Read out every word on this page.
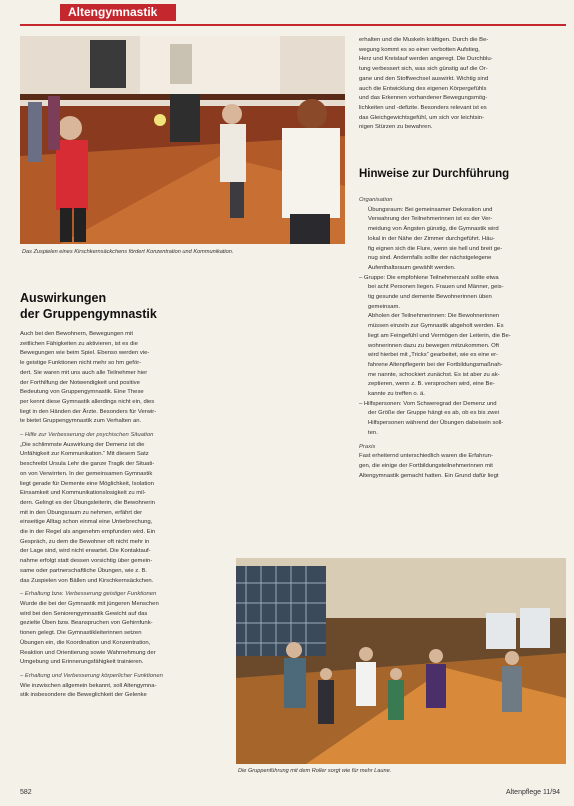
Altengymnastik
Das Zuspielen eines Kirschkernsäckchens fördert Konzentration und Kommunikation.
Auswirkungen
der Gruppengymnastik

Auch bei den Bewohnern, Bewegungen mit

zeitlichen Fähigkeiten zu aktivieren, ist es die

Bewegungen wie beim Spiel. Ebenso werden vie-

le geistige Funktionen nicht mehr so hm geför-

dert. Sie waren mit uns auch alle Teilnehmer hier

der Forthilfung der Notwendigkeit und positive

Bedeutung von Gruppengymnastik. Eine These

per kennt diese Gymnastik allerdings nicht ein, dies

liegt in den Händen der Ärzte. Besonders für Verwir-

te bietet Gruppengymnastik zum Verhalten an.

– Hilfe zur Verbesserung der psychischen Situation

„Die schlimmste Auswirkung der Demenz ist die

Unfähigkeit zur Kommunikation.“ Mit diesem Satz

beschreibt Ursula Lehr die ganze Tragik der Situati-

on von Verwirrten. In der gemeinsamen Gymnastik

liegt gerade für Demente eine Möglichkeit, Isolation

Einsamkeit und Kommunikationslosigkeit zu mil-

dern. Gelingt es der Übungsleiterin, die Bewohnerin

mit in den Übungsraum zu nehmen, erfährt der

einseitige Alltag schon einmal eine Unterbrechung,

die in der Regel als angenehm empfunden wird. Ein

Gespräch, zu dem die Bewohner oft nicht mehr in

der Lage sind, wird nicht erwartet. Die Kontaktauf-

nahme erfolgt statt dessen vorsichtig über gemein-

same oder partnerschaftliche Übungen, wie z. B.

das Zuspielen von Bällen und Kirschkernsäckchen.

– Erhaltung bzw. Verbesserung geistiger Funktionen

Wurde die bei der Gymnastik mit jüngeren Menschen

wird bei den Seniorengymnastik Gewicht auf das

gezielte Üben bzw. Beanspruchen von Gehirnfunk-

tionen gelegt. Die Gymnastikleiterinnen setzen

Übungen ein, die Koordination und Konzentration,

Reaktion und Orientierung sowie Wahrnehmung der

Umgebung und Erinnerungsfähigkeit trainieren.

– Erhaltung und Verbesserung körperlicher Funktionen

Wie inzwischen allgemein bekannt, soll Altengymna-

stik insbesondere die Beweglichkeit der Gelenke

erhalten und die Muskeln kräftigen. Durch die Be-

wegung kommt es so einer verbotten Aufstieg,

Herz und Kreislauf werden angeregt. Die Durchblu-

tung verbessert sich, was sich günstig auf die Or-

gane und den Stoffwechsel auswirkt. Wichtig sind

auch die Entwicklung des eigenen Körpergefühls

und das Erkennen vorhandener Bewegungsmög-

lichkeiten und -defizite. Besonders relevant ist es

das Gleichgewichtsgefühl, um sich vor leichtsin-

nigen Stürzen zu bewahren.

Hinweise zur Durchführung

Organisation

Übungsraum: Bei gemeinsamer Dekoration und

Verwahrung der Teilnehmerinnen ist es der Ver-

meidung von Ängsten günstig, die Gymnastik wird

lokal in der Nähe der Zimmer durchgeführt. Häu-

fig eignen sich die Flure, wenn sie hell und breit ge-

nug sind. Andernfalls sollte der nächstgelegene

Aufenthaltsraum gewählt werden.

– Gruppe: Die empfohlene Teilnehmerzahl sollte etwa

bei acht Personen liegen. Frauen und Männer, geis-

tig gesunde und demente Bewohnerinnen üben

gemeinsam.

Abholen der Teilnehmerinnen: Die Bewohnerinnen

müssen einzeln zur Gymnastik abgeholt werden. Es

liegt am Feingefühl und Vermögen der Leiterin, die Be-

wohnerinnen dazu zu bewegen mitzukommen. Oft

wird hierbei mit „Tricks“ gearbeitet, wie es eine er-

fahrene Altenpflegerin bei der Fortbildungsmaßnah-

me nannte, schockiert zunächst. Es ist aber zu ak-

zeptieren, wenn z. B. versprochen wird, eine Be-

kannte zu treffen o. ä.

– Hilfspersonen: Vom Schweregrad der Demenz und

der Größe der Gruppe hängt es ab, ob es bis zwei

Hilfspersonen während der Übungen dabeisein soll-

ten.

Praxis

Fast erheiternd unterschiedlich waren die Erfahrun-

gen, die einige der Fortbildungsteilnehmerinnen mit

Altengymnastik gemacht hatten. Ein Grund dafür liegt

Die Gruppenführung mit dem Roller sorgt wie für mehr Laune.
582	Altenpflege 11/94
